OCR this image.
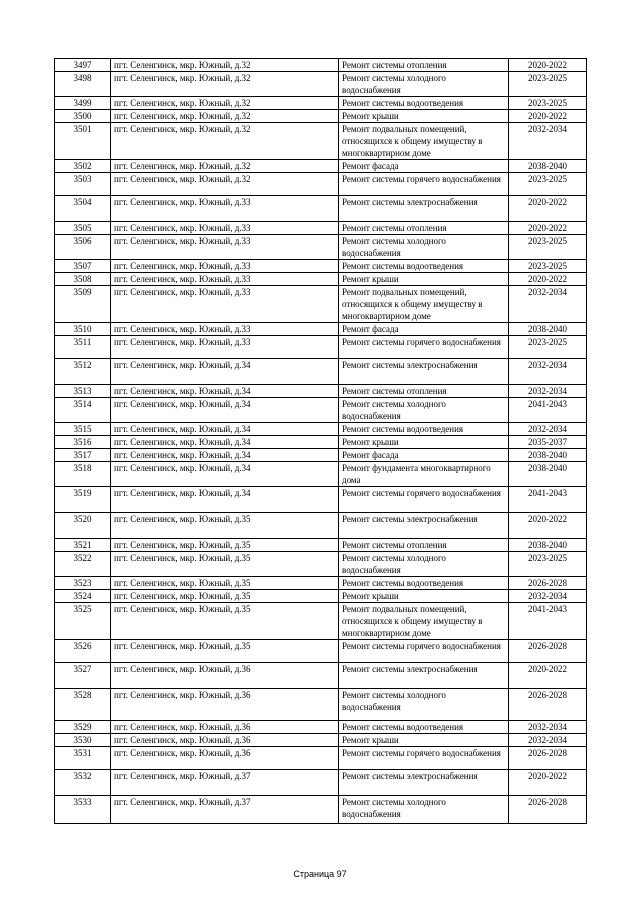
3497	пгт. Селенгинск, мкр. Южный, д.32	Ремонт системы отопления	2020-2022
3498	пгт. Селенгинск, мкр. Южный, д.32	Ремонт системы холодного водоснабжения	2023-2025
3499	пгт. Селенгинск, мкр. Южный, д.32	Ремонт системы водоотведения	2023-2025
3500	пгт. Селенгинск, мкр. Южный, д.32	Ремонт крыши	2020-2022
3501	пгт. Селенгинск, мкр. Южный, д.32	Ремонт подвальных помещений, относящихся к общему имуществу в многоквартирном доме	2032-2034
3502	пгт. Селенгинск, мкр. Южный, д.32	Ремонт фасада	2038-2040
3503	пгт. Селенгинск, мкр. Южный, д.32	Ремонт системы горячего водоснабжения	2023-2025
3504	пгт. Селенгинск, мкр. Южный, д.33	Ремонт системы электроснабжения	2020-2022
3505	пгт. Селенгинск, мкр. Южный, д.33	Ремонт системы отопления	2020-2022
3506	пгт. Селенгинск, мкр. Южный, д.33	Ремонт системы холодного водоснабжения	2023-2025
3507	пгт. Селенгинск, мкр. Южный, д.33	Ремонт системы водоотведения	2023-2025
3508	пгт. Селенгинск, мкр. Южный, д.33	Ремонт крыши	2020-2022
3509	пгт. Селенгинск, мкр. Южный, д.33	Ремонт подвальных помещений, относящихся к общему имуществу в многоквартирном доме	2032-2034
3510	пгт. Селенгинск, мкр. Южный, д.33	Ремонт фасада	2038-2040
3511	пгт. Селенгинск, мкр. Южный, д.33	Ремонт системы горячего водоснабжения	2023-2025
3512	пгт. Селенгинск, мкр. Южный, д.34	Ремонт системы электроснабжения	2032-2034
3513	пгт. Селенгинск, мкр. Южный, д.34	Ремонт системы отопления	2032-2034
3514	пгт. Селенгинск, мкр. Южный, д.34	Ремонт системы холодного водоснабжения	2041-2043
3515	пгт. Селенгинск, мкр. Южный, д.34	Ремонт системы водоотведения	2032-2034
3516	пгт. Селенгинск, мкр. Южный, д.34	Ремонт крыши	2035-2037
3517	пгт. Селенгинск, мкр. Южный, д.34	Ремонт фасада	2038-2040
3518	пгт. Селенгинск, мкр. Южный, д.34	Ремонт фундамента многоквартирного дома	2038-2040
3519	пгт. Селенгинск, мкр. Южный, д.34	Ремонт системы горячего водоснабжения	2041-2043
3520	пгт. Селенгинск, мкр. Южный, д.35	Ремонт системы электроснабжения	2020-2022
3521	пгт. Селенгинск, мкр. Южный, д.35	Ремонт системы отопления	2038-2040
3522	пгт. Селенгинск, мкр. Южный, д.35	Ремонт системы холодного водоснабжения	2023-2025
3523	пгт. Селенгинск, мкр. Южный, д.35	Ремонт системы водоотведения	2026-2028
3524	пгт. Селенгинск, мкр. Южный, д.35	Ремонт крыши	2032-2034
3525	пгт. Селенгинск, мкр. Южный, д.35	Ремонт подвальных помещений, относящихся к общему имуществу в многоквартирном доме	2041-2043
3526	пгт. Селенгинск, мкр. Южный, д.35	Ремонт системы горячего водоснабжения	2026-2028
3527	пгт. Селенгинск, мкр. Южный, д.36	Ремонт системы электроснабжения	2020-2022
3528	пгт. Селенгинск, мкр. Южный, д.36	Ремонт системы холодного водоснабжения	2026-2028
3529	пгт. Селенгинск, мкр. Южный, д.36	Ремонт системы водоотведения	2032-2034
3530	пгт. Селенгинск, мкр. Южный, д.36	Ремонт крыши	2032-2034
3531	пгт. Селенгинск, мкр. Южный, д.36	Ремонт системы горячего водоснабжения	2026-2028
3532	пгт. Селенгинск, мкр. Южный, д.37	Ремонт системы электроснабжения	2020-2022
3533	пгт. Селенгинск, мкр. Южный, д.37	Ремонт системы холодного водоснабжения	2026-2028
Страница 97
